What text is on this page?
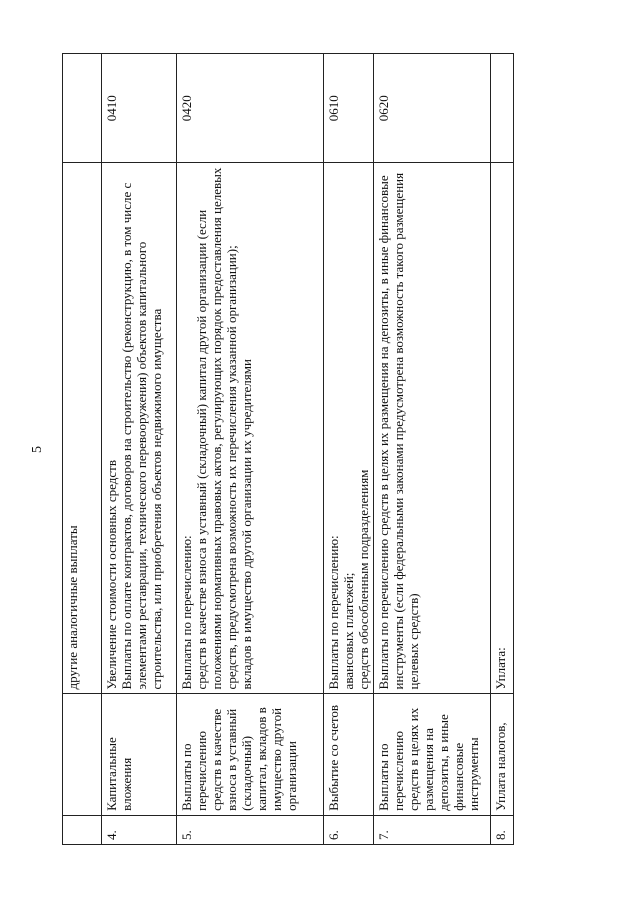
5

		другие аналогичные выплаты	

4.	Капитальные вложения	Увеличение стоимости основных средств Выплаты по оплате контрактов, договоров на строительство (реконструкцию, в том числе с элементами реставрации, технического перевооружения) объектов капитального строительства, или приобретения объектов недвижимого имущества	0410
5.	Выплаты по перечислению средств в качестве взноса в уставный (складочный) капитал, вкладов в имущество другой организации	Выплаты по перечислению: средств в качестве взноса в уставный (складочный) капитал другой организации (если положениями нормативных правовых актов, регулирующих порядок предоставления целевых средств, предусмотрена возможность их перечисления указанной организации); вкладов в имущество другой организации их учредителями	0420
6.	Выбытие со счетов	Выплаты по перечислению: авансовых платежей; средств обособленным подразделениям	0610
7.	Выплаты по перечислению средств в целях их размещения на депозиты, в иные финансовые инструменты	Выплаты по перечислению средств в целях их размещения на депозиты, в иные финансовые инструменты (если федеральными законами предусмотрена возможность такого размещения целевых средств)	0620
8.	Уплата налогов,	Уплата:	
